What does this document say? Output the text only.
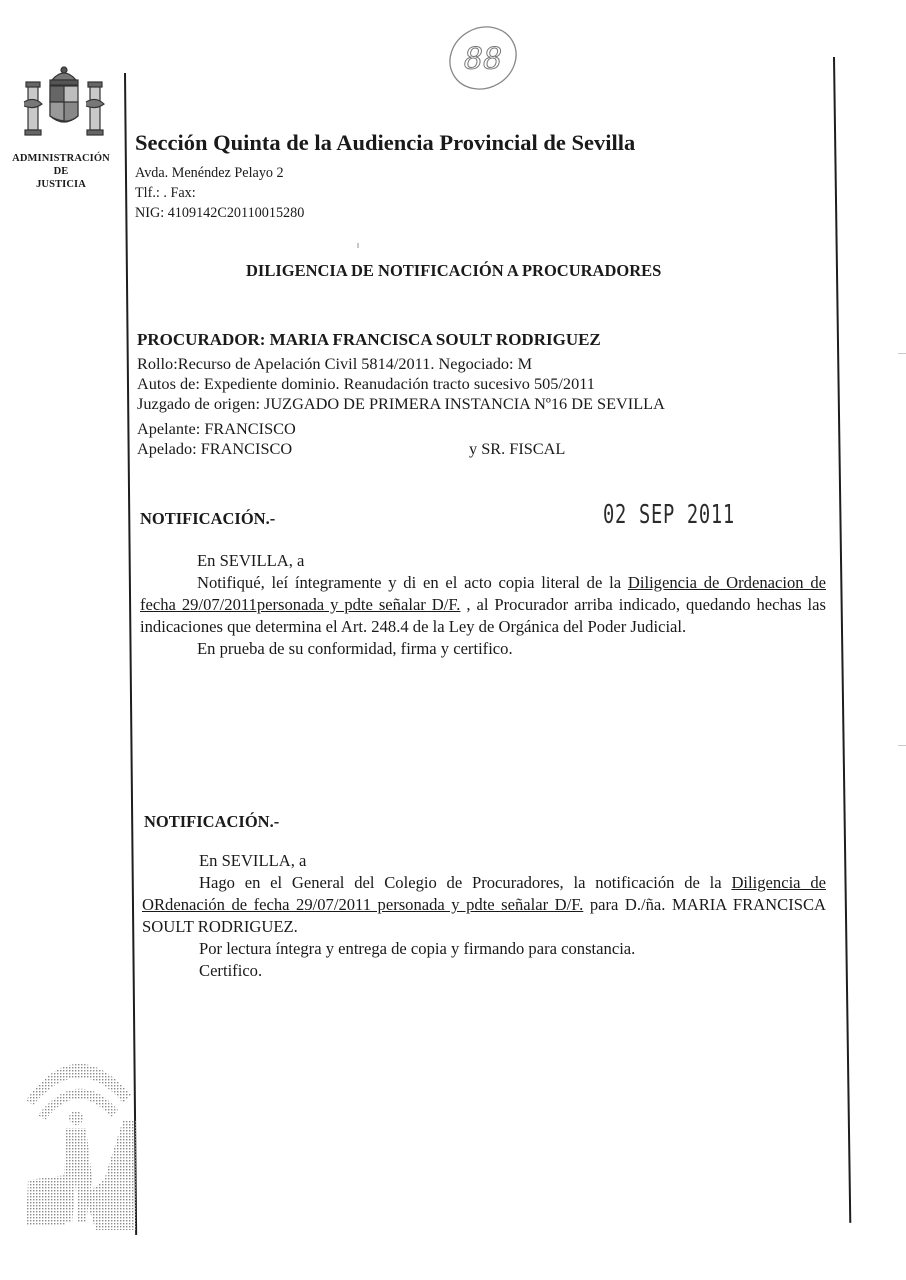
ADMINISTRACIÓN
DE
JUSTICIA
88
Sección Quinta de la Audiencia Provincial de Sevilla
Avda. Menéndez Pelayo 2
Tlf.: . Fax:
NIG: 4109142C20110015280
DILIGENCIA DE NOTIFICACIÓN A PROCURADORES
PROCURADOR: MARIA FRANCISCA SOULT RODRIGUEZ
Rollo:Recurso de Apelación Civil 5814/2011. Negociado: M
Autos de: Expediente dominio. Reanudación tracto sucesivo 505/2011
Juzgado de origen: JUZGADO DE PRIMERA INSTANCIA Nº16 DE SEVILLA
Apelante: FRANCISCO
Apelado: FRANCISCO	y SR. FISCAL
NOTIFICACIÓN.-	02 SEP 2011
En SEVILLA, a
Notifiqué, leí íntegramente y di en el acto copia literal de la Diligencia de Ordenacion de fecha 29/07/2011personada y pdte señalar D/F. , al Procurador arriba indicado, quedando hechas las indicaciones que determina el Art. 248.4 de la Ley de Orgánica del Poder Judicial.
En prueba de su conformidad, firma y certifico.
NOTIFICACIÓN.-
En SEVILLA, a
Hago en el General del Colegio de Procuradores, la notificación de la Diligencia de ORdenación de fecha 29/07/2011 personada y pdte señalar D/F. para D./ña. MARIA FRANCISCA SOULT RODRIGUEZ.
Por lectura íntegra y entrega de copia y firmando para constancia.
Certifico.
